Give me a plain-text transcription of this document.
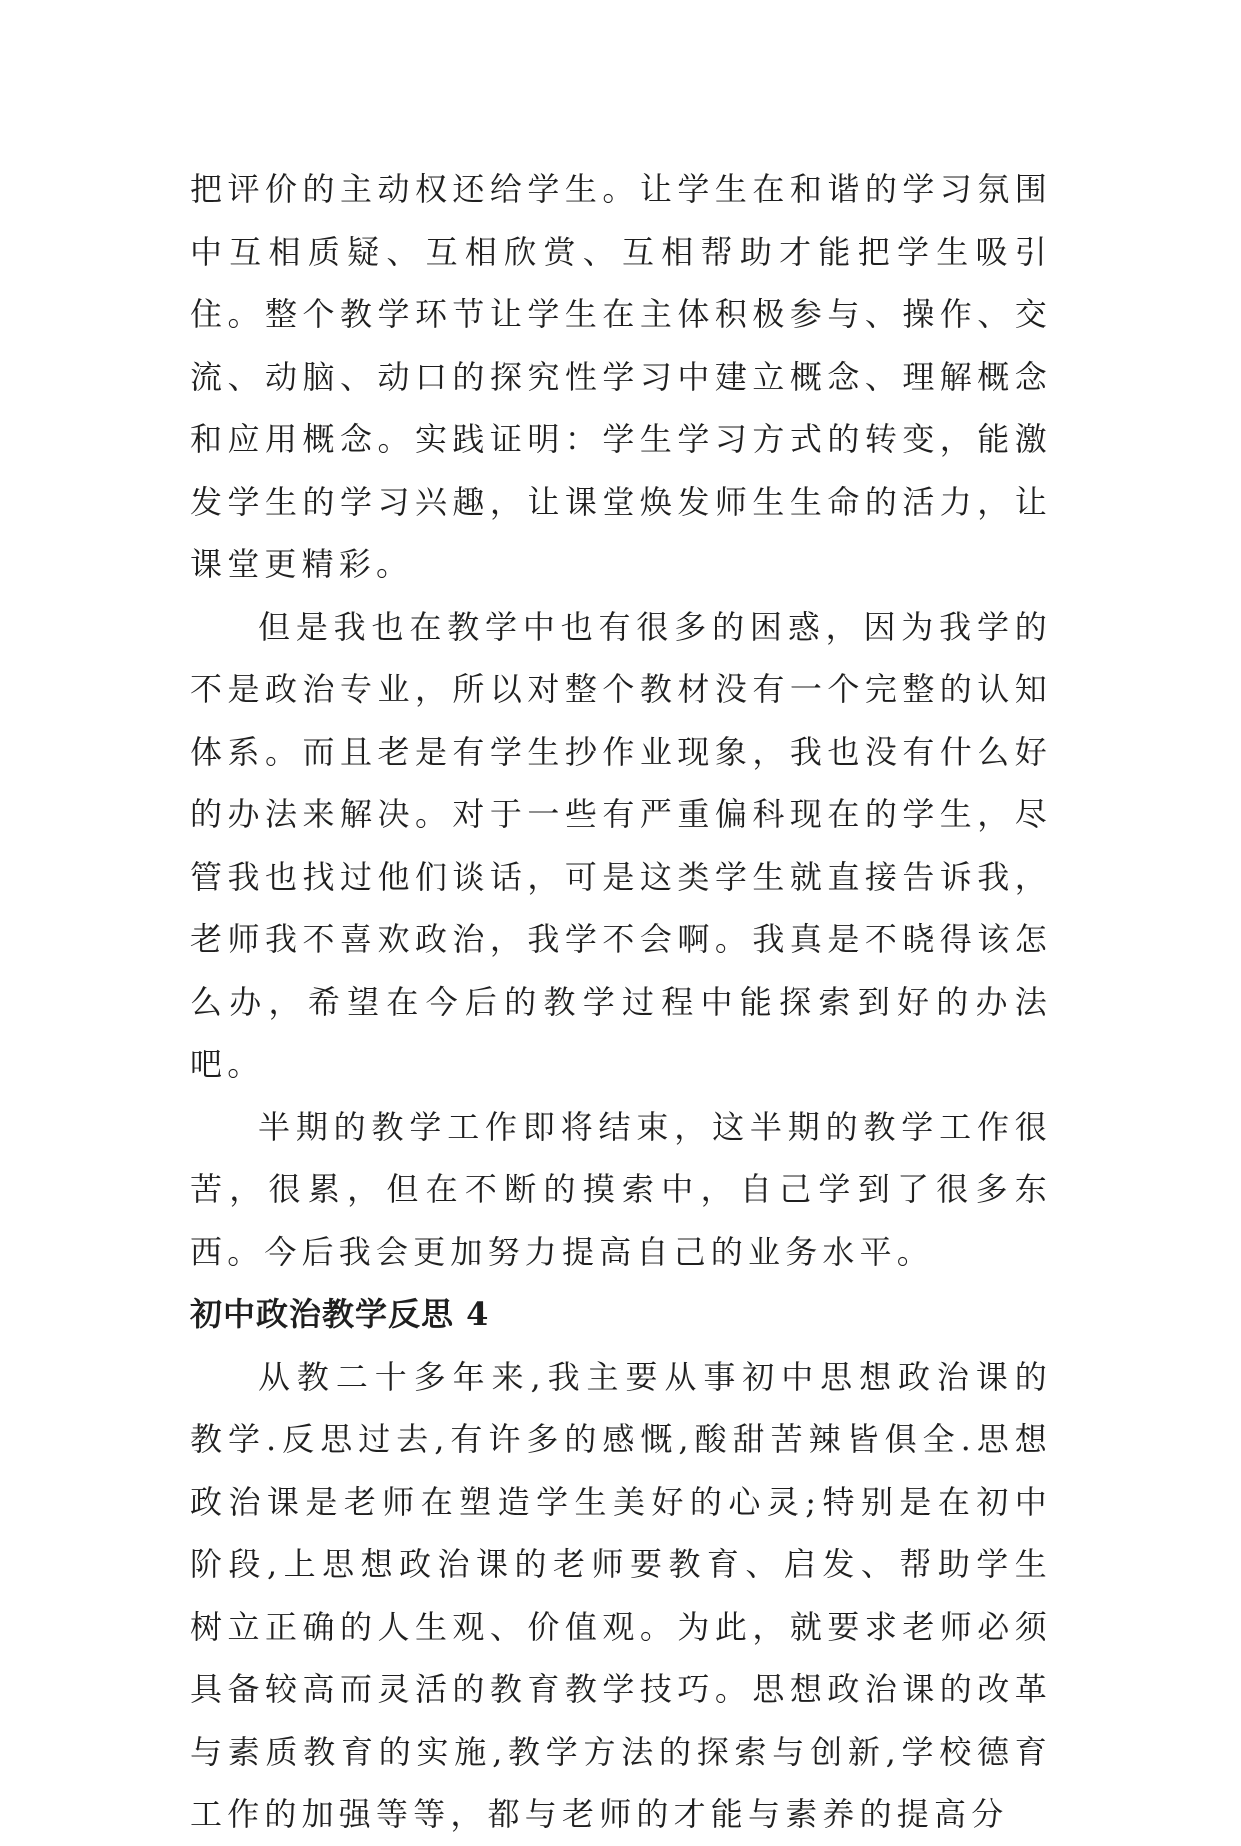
把评价的主动权还给学生。让学生在和谐的学习氛围中互相质疑、互相欣赏、互相帮助才能把学生吸引住。整个教学环节让学生在主体积极参与、操作、交流、动脑、动口的探究性学习中建立概念、理解概念和应用概念。实践证明：学生学习方式的转变，能激发学生的学习兴趣，让课堂焕发师生生命的活力，让课堂更精彩。

但是我也在教学中也有很多的困惑，因为我学的不是政治专业，所以对整个教材没有一个完整的认知体系。而且老是有学生抄作业现象，我也没有什么好的办法来解决。对于一些有严重偏科现在的学生，尽管我也找过他们谈话，可是这类学生就直接告诉我，老师我不喜欢政治，我学不会啊。我真是不晓得该怎么办，希望在今后的教学过程中能探索到好的办法吧。

半期的教学工作即将结束，这半期的教学工作很苦，很累，但在不断的摸索中，自己学到了很多东西。今后我会更加努力提高自己的业务水平。

初中政治教学反思 4

从教二十多年来,我主要从事初中思想政治课的教学.反思过去,有许多的感慨,酸甜苦辣皆俱全.思想政治课是老师在塑造学生美好的心灵;特别是在初中阶段,上思想政治课的老师要教育、启发、帮助学生树立正确的人生观、价值观。为此，就要求老师必须具备较高而灵活的教育教学技巧。思想政治课的改革与素质教育的实施,教学方法的探索与创新,学校德育工作的加强等等，都与老师的才能与素养的提高分
